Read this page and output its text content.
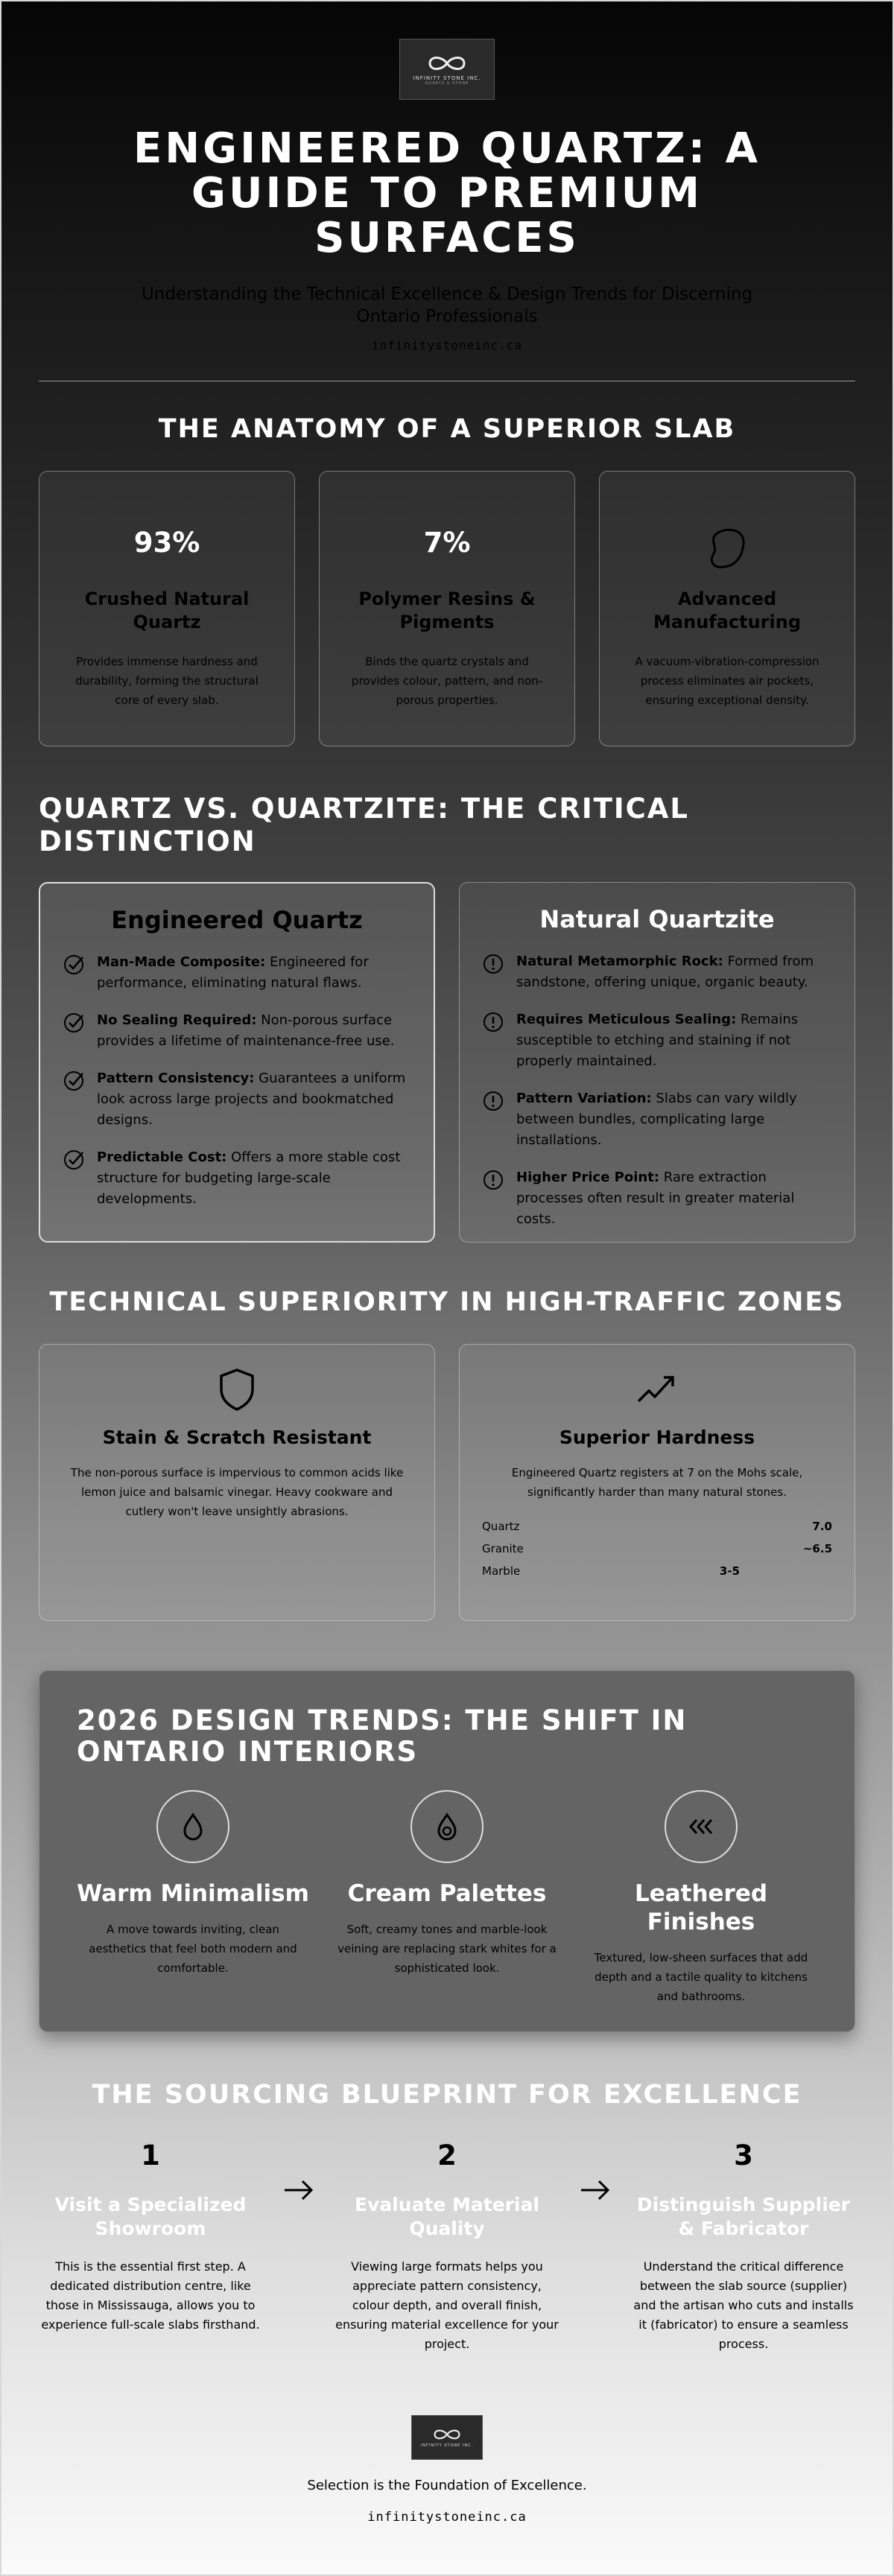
INFINITY STONE INC.
QUARTZ & STONE
ENGINEERED QUARTZ: A GUIDE TO PREMIUM SURFACES
Understanding the Technical Excellence & Design Trends for Discerning Ontario Professionals
infinitystoneinc.ca
THE ANATOMY OF A SUPERIOR SLAB
93%
Crushed Natural Quartz

Provides immense hardness and durability, forming the structural core of every slab.

7%
Polymer Resins & Pigments

Binds the quartz crystals and provides colour, pattern, and non-porous properties.

Advanced Manufacturing

A vacuum-vibration-compression process eliminates air pockets, ensuring exceptional density.

QUARTZ VS. QUARTZITE: THE CRITICAL DISTINCTION
Engineered Quartz
Man-Made Composite: Engineered for performance, eliminating natural flaws.
No Sealing Required: Non-porous surface provides a lifetime of maintenance-free use.
Pattern Consistency: Guarantees a uniform look across large projects and bookmatched designs.
Predictable Cost: Offers a more stable cost structure for budgeting large-scale developments.
Natural Quartzite
Natural Metamorphic Rock: Formed from sandstone, offering unique, organic beauty.
Requires Meticulous Sealing: Remains susceptible to etching and staining if not properly maintained.
Pattern Variation: Slabs can vary wildly between bundles, complicating large installations.
Higher Price Point: Rare extraction processes often result in greater material costs.
TECHNICAL SUPERIORITY IN HIGH-TRAFFIC ZONES
Stain & Scratch Resistant

The non-porous surface is impervious to common acids like lemon juice and balsamic vinegar. Heavy cookware and cutlery won't leave unsightly abrasions.

Superior Hardness

Engineered Quartz registers at 7 on the Mohs scale, significantly harder than many natural stones.

Quartz	7.0
Granite	~6.5
Marble	3-5
2026 DESIGN TRENDS: THE SHIFT IN ONTARIO INTERIORS
Warm Minimalism

A move towards inviting, clean aesthetics that feel both modern and comfortable.

Cream Palettes

Soft, creamy tones and marble-look veining are replacing stark whites for a sophisticated look.

Leathered Finishes

Textured, low-sheen surfaces that add depth and a tactile quality to kitchens and bathrooms.

THE SOURCING BLUEPRINT FOR EXCELLENCE
1
Visit a Specialized Showroom

This is the essential first step. A dedicated distribution centre, like those in Mississauga, allows you to experience full-scale slabs firsthand.

2
Evaluate Material Quality

Viewing large formats helps you appreciate pattern consistency, colour depth, and overall finish, ensuring material excellence for your project.

3
Distinguish Supplier & Fabricator

Understand the critical difference between the slab source (supplier) and the artisan who cuts and installs it (fabricator) to ensure a seamless process.

INFINITY STONE INC.
Selection is the Foundation of Excellence.
infinitystoneinc.ca
